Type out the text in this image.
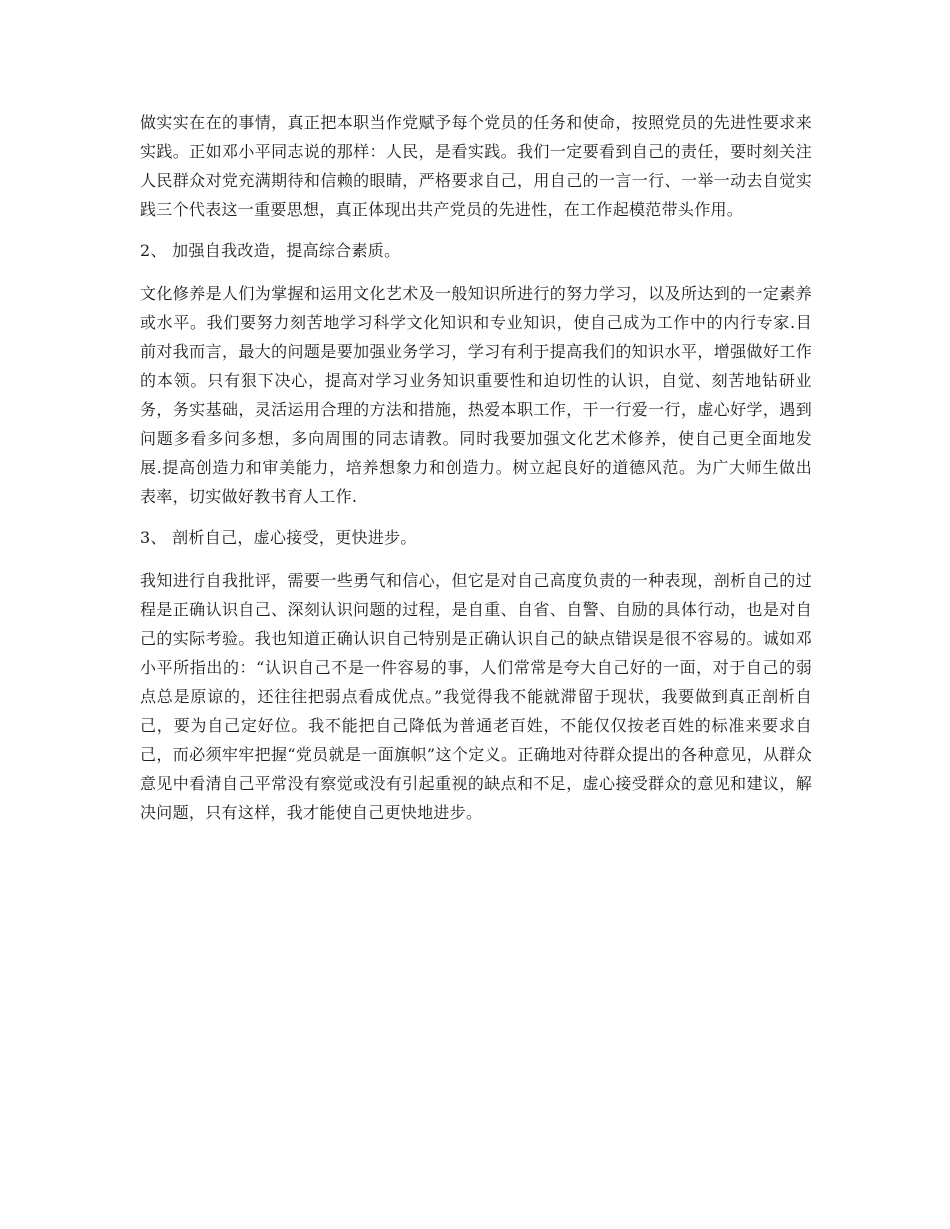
做实实在在的事情，真正把本职当作党赋予每个党员的任务和使命，按照党员的先进性要求来实践。正如邓小平同志说的那样：人民，是看实践。我们一定要看到自己的责任，要时刻关注人民群众对党充满期待和信赖的眼睛，严格要求自己，用自己的一言一行、一举一动去自觉实践三个代表这一重要思想，真正体现出共产党员的先进性，在工作起模范带头作用。

2、 加强自我改造，提高综合素质。

文化修养是人们为掌握和运用文化艺术及一般知识所进行的努力学习，以及所达到的一定素养或水平。我们要努力刻苦地学习科学文化知识和专业知识，使自己成为工作中的内行专家.目前对我而言，最大的问题是要加强业务学习，学习有利于提高我们的知识水平，增强做好工作的本领。只有狠下决心，提高对学习业务知识重要性和迫切性的认识，自觉、刻苦地钻研业务，务实基础，灵活运用合理的方法和措施，热爱本职工作，干一行爱一行，虚心好学，遇到问题多看多问多想，多向周围的同志请教。同时我要加强文化艺术修养，使自己更全面地发展.提高创造力和审美能力，培养想象力和创造力。树立起良好的道德风范。为广大师生做出表率，切实做好教书育人工作.

3、 剖析自己，虚心接受，更快进步。

我知进行自我批评，需要一些勇气和信心，但它是对自己高度负责的一种表现，剖析自己的过程是正确认识自己、深刻认识问题的过程，是自重、自省、自警、自励的具体行动，也是对自己的实际考验。我也知道正确认识自己特别是正确认识自己的缺点错误是很不容易的。诚如邓小平所指出的：“认识自己不是一件容易的事，人们常常是夸大自己好的一面，对于自己的弱点总是原谅的，还往往把弱点看成优点。”我觉得我不能就滞留于现状，我要做到真正剖析自己，要为自己定好位。我不能把自己降低为普通老百姓，不能仅仅按老百姓的标准来要求自己，而必须牢牢把握“党员就是一面旗帜”这个定义。正确地对待群众提出的各种意见，从群众意见中看清自己平常没有察觉或没有引起重视的缺点和不足，虚心接受群众的意见和建议，解决问题，只有这样，我才能使自己更快地进步。
